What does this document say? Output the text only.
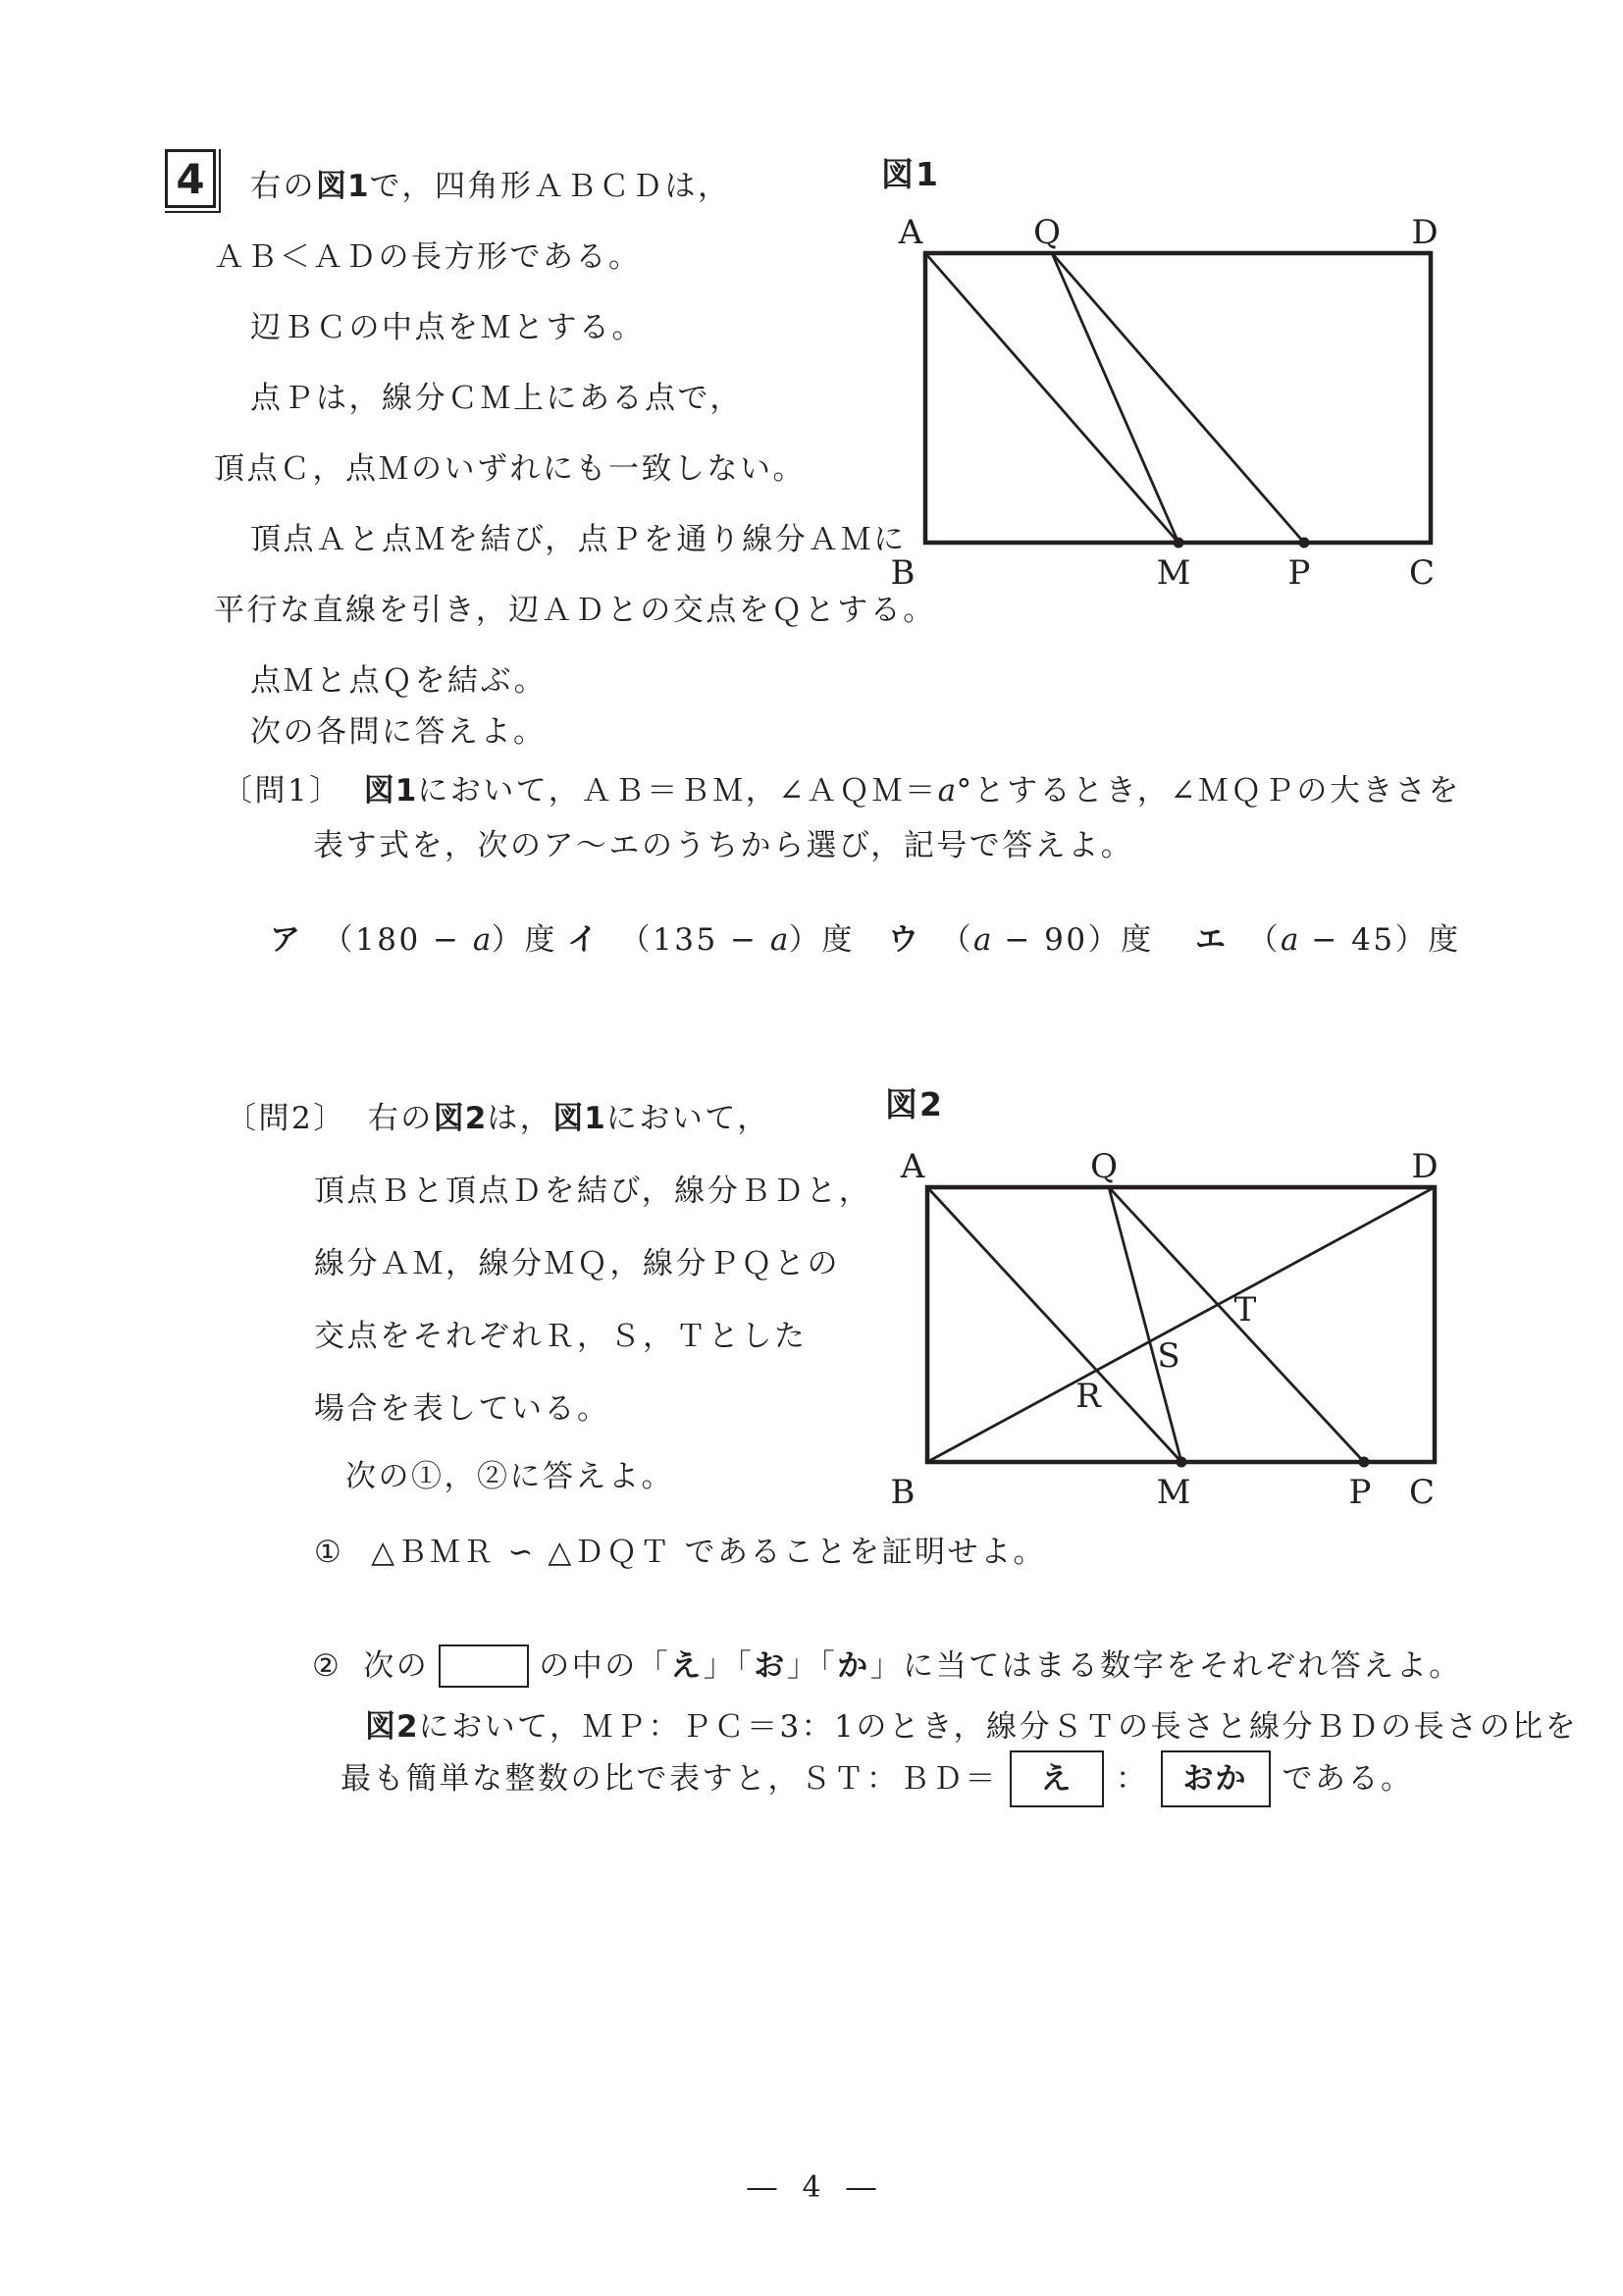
4	右の図1で，四角形ＡＢＣＤは，
ＡＢ＜ＡＤの長方形である。
辺ＢＣの中点をＭとする。
点Ｐは，線分ＣＭ上にある点で，
頂点Ｃ，点Ｍのいずれにも一致しない。
頂点Ａと点Ｍを結び，点Ｐを通り線分ＡＭに
平行な直線を引き，辺ＡＤとの交点をＱとする。
点Ｍと点Ｑを結ぶ。
次の各問に答えよ。
図1
A	Q	D
B	M	P	C
〔問1〕 図1において，ＡＢ＝ＢＭ，∠ＡＱＭ＝a°とするとき，∠ＭＱＰの大きさを
表す式を，次のア～エのうちから選び，記号で答えよ。
ア （180 − a）度 イ （135 − a）度 ウ （a − 90）度 エ （a − 45）度
〔問2〕 右の図2は，図1において，
頂点Ｂと頂点Ｄを結び，線分ＢＤと，
線分ＡＭ，線分ＭＱ，線分ＰＱとの
交点をそれぞれＲ，Ｓ，Ｔとした
場合を表している。
次の①，②に答えよ。
図2
A	Q	D
B	M	P C
R
S
T
① △ＢＭＲ ∽ △ＤＱＴ であることを証明せよ。
② 次の	の中の「え」「お」「か」に当てはまる数字をそれぞれ答えよ。
図2において，ＭＰ：ＰＣ＝3：1のとき，線分ＳＴの長さと線分ＢＤの長さの比を
最も簡単な整数の比で表すと，ＳＴ：ＢＤ＝	え	：	おか	である。
― 4 ―
